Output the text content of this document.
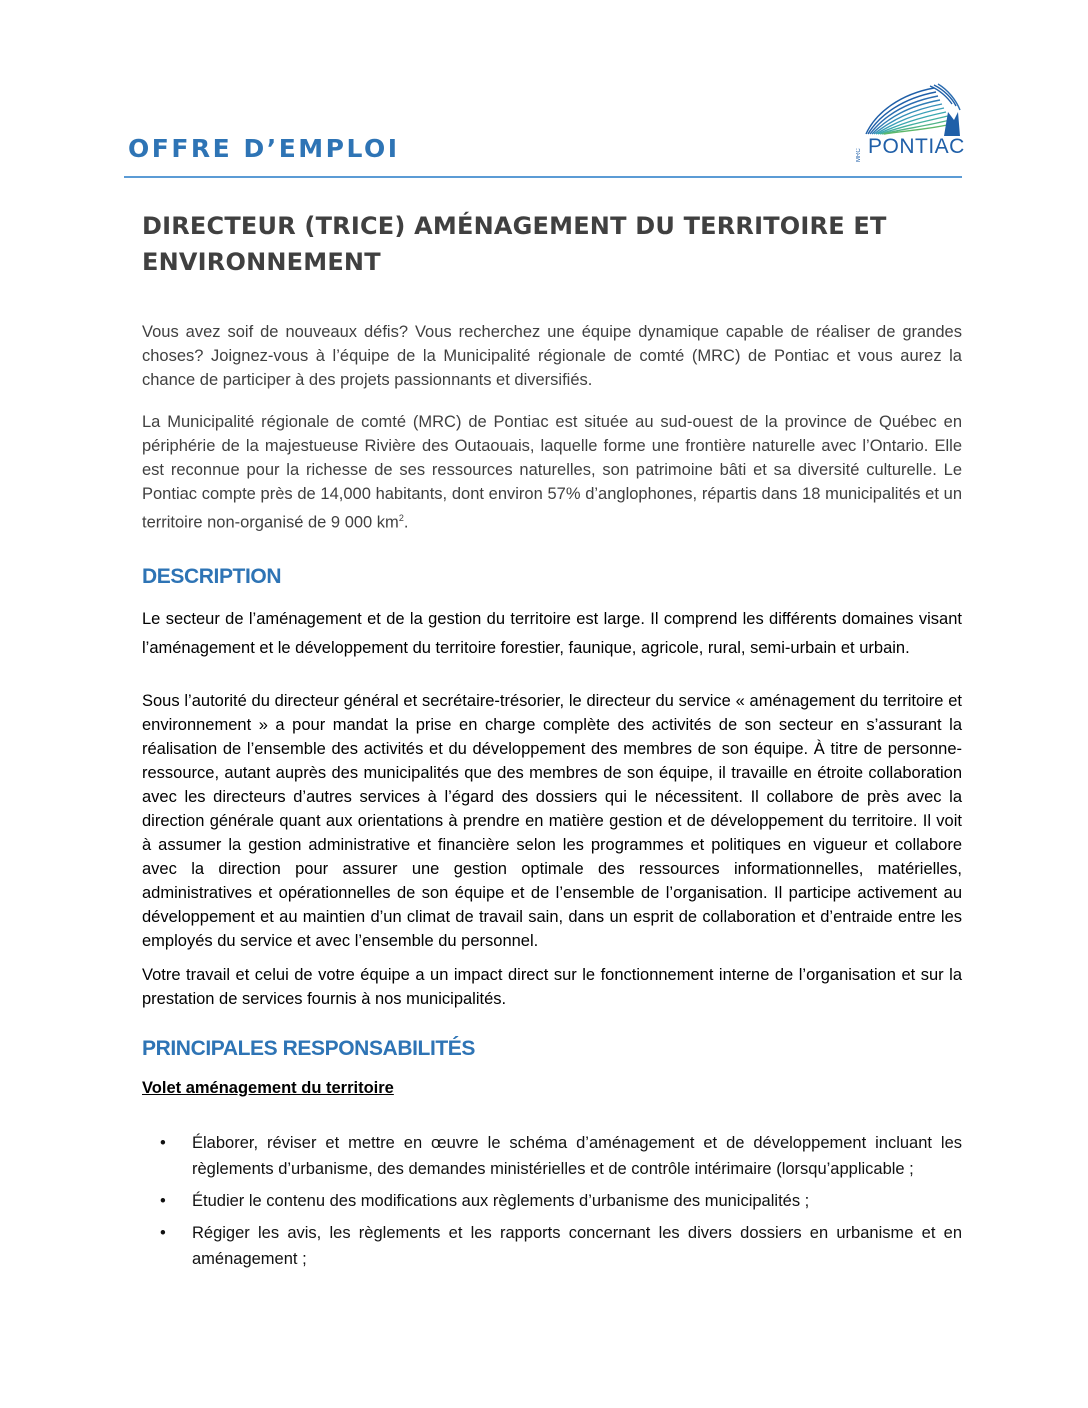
OFFRE D’EMPLOI	MRC PONTIAC
DIRECTEUR (TRICE) AMÉNAGEMENT DU TERRITOIRE ET ENVIRONNEMENT

Vous avez soif de nouveaux défis? Vous recherchez une équipe dynamique capable de réaliser de grandes choses? Joignez-vous à l’équipe de la Municipalité régionale de comté (MRC) de Pontiac et vous aurez la chance de participer à des projets passionnants et diversifiés.

La Municipalité régionale de comté (MRC) de Pontiac est située au sud-ouest de la province de Québec en périphérie de la majestueuse Rivière des Outaouais, laquelle forme une frontière naturelle avec l’Ontario. Elle est reconnue pour la richesse de ses ressources naturelles, son patrimoine bâti et sa diversité culturelle. Le Pontiac compte près de 14,000 habitants, dont environ 57% d’anglophones, répartis dans 18 municipalités et un territoire non-organisé de 9 000 $km^2$.

DESCRIPTION

Le secteur de l’aménagement et de la gestion du territoire est large. Il comprend les différents domaines visant l’aménagement et le développement du territoire forestier, faunique, agricole, rural, semi-urbain et urbain.

Sous l’autorité du directeur général et secrétaire-trésorier, le directeur du service « aménagement du territoire et environnement » a pour mandat la prise en charge complète des activités de son secteur en s’assurant la réalisation de l’ensemble des activités et du développement des membres de son équipe. À titre de personne-ressource, autant auprès des municipalités que des membres de son équipe, il travaille en étroite collaboration avec les directeurs d’autres services à l’égard des dossiers qui le nécessitent. Il collabore de près avec la direction générale quant aux orientations à prendre en matière gestion et de développement du territoire. Il voit à assumer la gestion administrative et financière selon les programmes et politiques en vigueur et collabore avec la direction pour assurer une gestion optimale des ressources informationnelles, matérielles, administratives et opérationnelles de son équipe et de l’ensemble de l’organisation. Il participe activement au développement et au maintien d’un climat de travail sain, dans un esprit de collaboration et d’entraide entre les employés du service et avec l’ensemble du personnel.

Votre travail et celui de votre équipe a un impact direct sur le fonctionnement interne de l’organisation et sur la prestation de services fournis à nos municipalités.

PRINCIPALES RESPONSABILITÉS

Volet aménagement du territoire

• Élaborer, réviser et mettre en œuvre le schéma d’aménagement et de développement incluant les règlements d’urbanisme, des demandes ministérielles et de contrôle intérimaire (lorsqu’applicable ;
• Étudier le contenu des modifications aux règlements d’urbanisme des municipalités ;
• Régiger les avis, les règlements et les rapports concernant les divers dossiers en urbanisme et en aménagement ;
